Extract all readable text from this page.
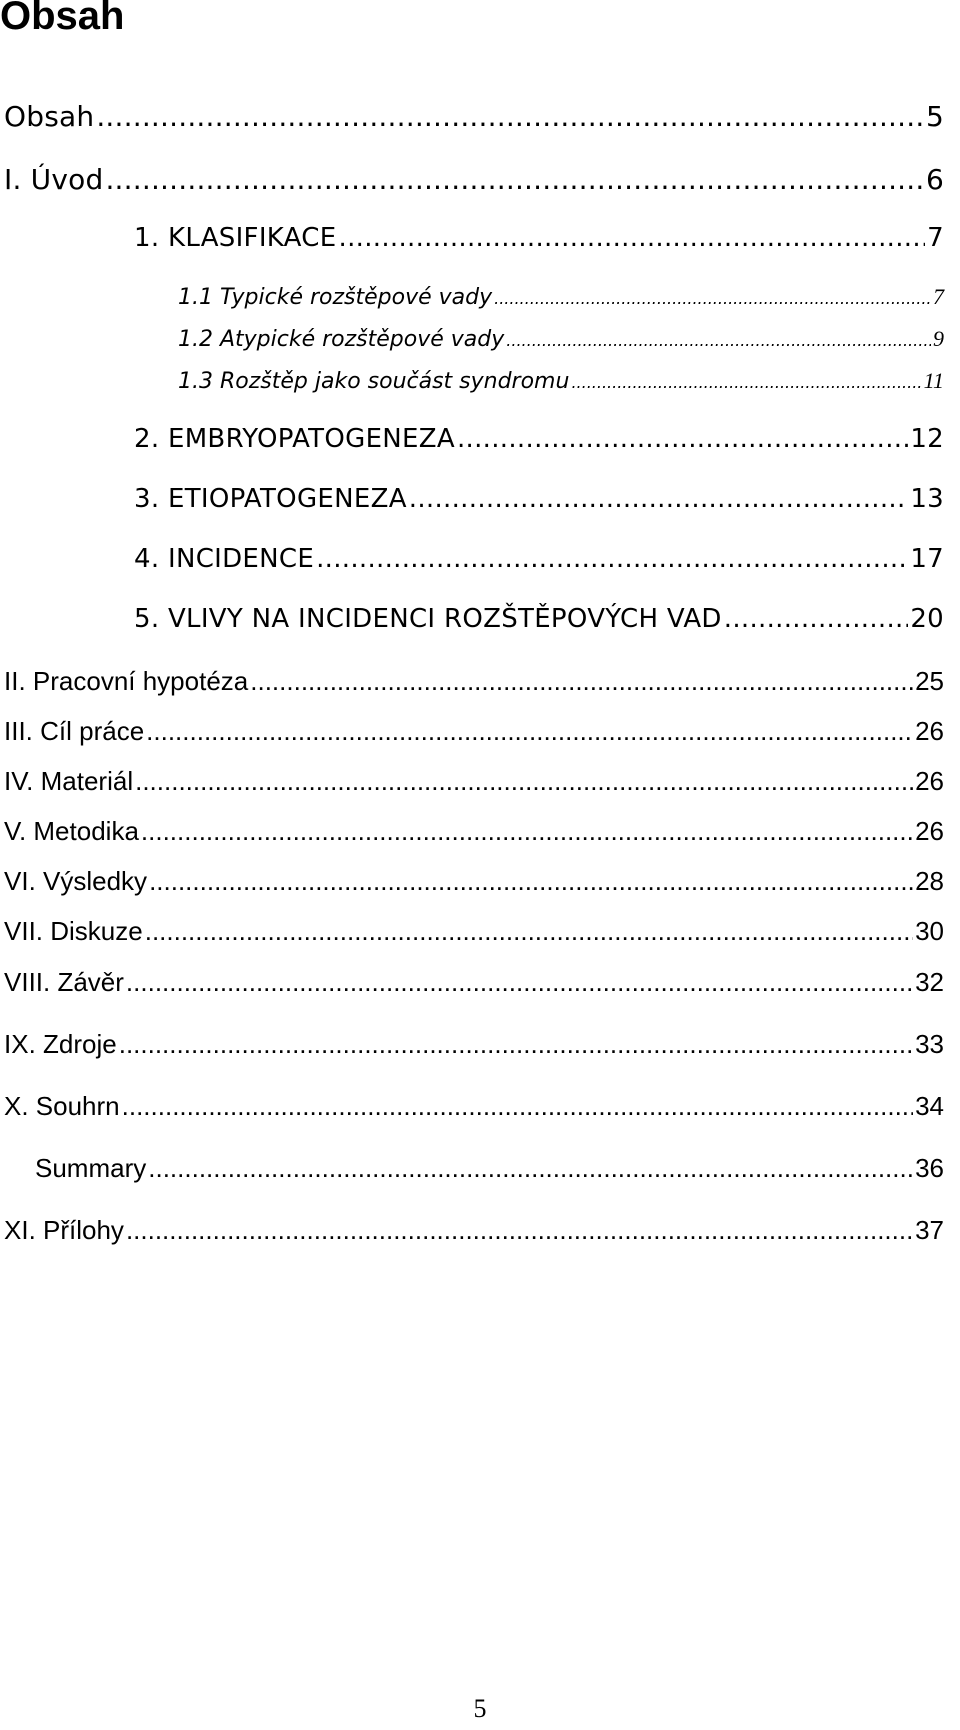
Obsah
Obsah .....	5
I. Úvod .....	6
1. KLASIFIKACE .....	7
1.1 Typické rozštěpové vady .....	7
1.2 Atypické rozštěpové vady .....	9
1.3 Rozštěp jako součást syndromu .....	11
2. EMBRYOPATOGENEZA .....	12
3. ETIOPATOGENEZA .....	13
4. INCIDENCE .....	17
5. VLIVY NA INCIDENCI ROZŠTĚPOVÝCH VAD .....	20
II. Pracovní hypotéza .....	25
III. Cíl práce .....	26
IV. Materiál .....	26
V. Metodika .....	26
VI. Výsledky .....	28
VII. Diskuze .....	30
VIII. Závěr .....	32
IX. Zdroje .....	33
X. Souhrn .....	34
Summary .....	36
XI. Přílohy .....	37
5
